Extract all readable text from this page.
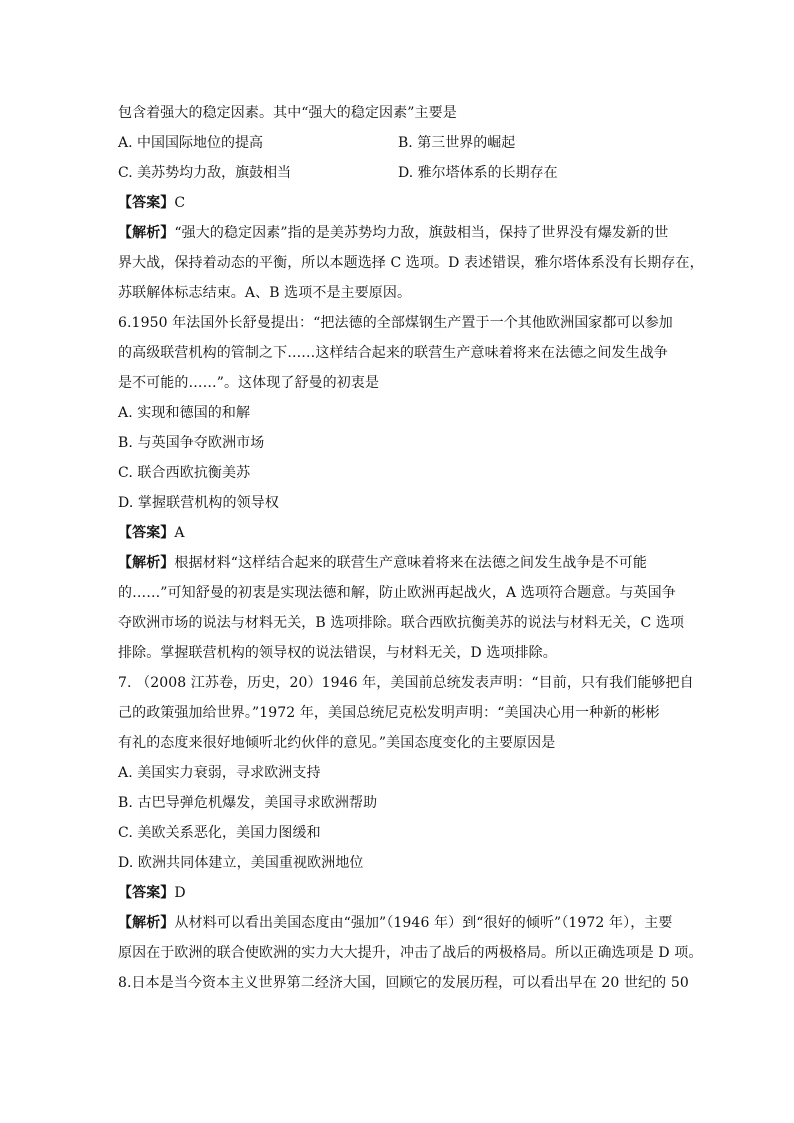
包含着强大的稳定因素。其中“强大的稳定因素”主要是
A. 中国国际地位的提高	B. 第三世界的崛起
C. 美苏势均力敌，旗鼓相当	D. 雅尔塔体系的长期存在
【答案】C
【解析】“强大的稳定因素”指的是美苏势均力敌，旗鼓相当，保持了世界没有爆发新的世
界大战，保持着动态的平衡，所以本题选择 C 选项。D 表述错误，雅尔塔体系没有长期存在，
苏联解体标志结束。A、B 选项不是主要原因。
6.1950 年法国外长舒曼提出：“把法德的全部煤钢生产置于一个其他欧洲国家都可以参加
的高级联营机构的管制之下……这样结合起来的联营生产意味着将来在法德之间发生战争
是不可能的……”。这体现了舒曼的初衷是
A. 实现和德国的和解
B. 与英国争夺欧洲市场
C. 联合西欧抗衡美苏
D. 掌握联营机构的领导权
【答案】A
【解析】根据材料“这样结合起来的联营生产意味着将来在法德之间发生战争是不可能
的……”可知舒曼的初衷是实现法德和解，防止欧洲再起战火，A 选项符合题意。与英国争
夺欧洲市场的说法与材料无关，B 选项排除。联合西欧抗衡美苏的说法与材料无关，C 选项
排除。掌握联营机构的领导权的说法错误，与材料无关，D 选项排除。
7. （2008 江苏卷，历史，20）1946 年，美国前总统发表声明：“目前，只有我们能够把自
己的政策强加给世界。”1972 年，美国总统尼克松发明声明：“美国决心用一种新的彬彬
有礼的态度来很好地倾听北约伙伴的意见。”美国态度变化的主要原因是
A. 美国实力衰弱，寻求欧洲支持
B. 古巴导弹危机爆发，美国寻求欧洲帮助
C. 美欧关系恶化，美国力图缓和
D. 欧洲共同体建立，美国重视欧洲地位
【答案】D
【解析】从材料可以看出美国态度由“强加”（1946 年）到“很好的倾听”（1972 年），主要
原因在于欧洲的联合使欧洲的实力大大提升，冲击了战后的两极格局。所以正确选项是 D 项。
8.日本是当今资本主义世界第二经济大国，回顾它的发展历程，可以看出早在 20 世纪的 50
